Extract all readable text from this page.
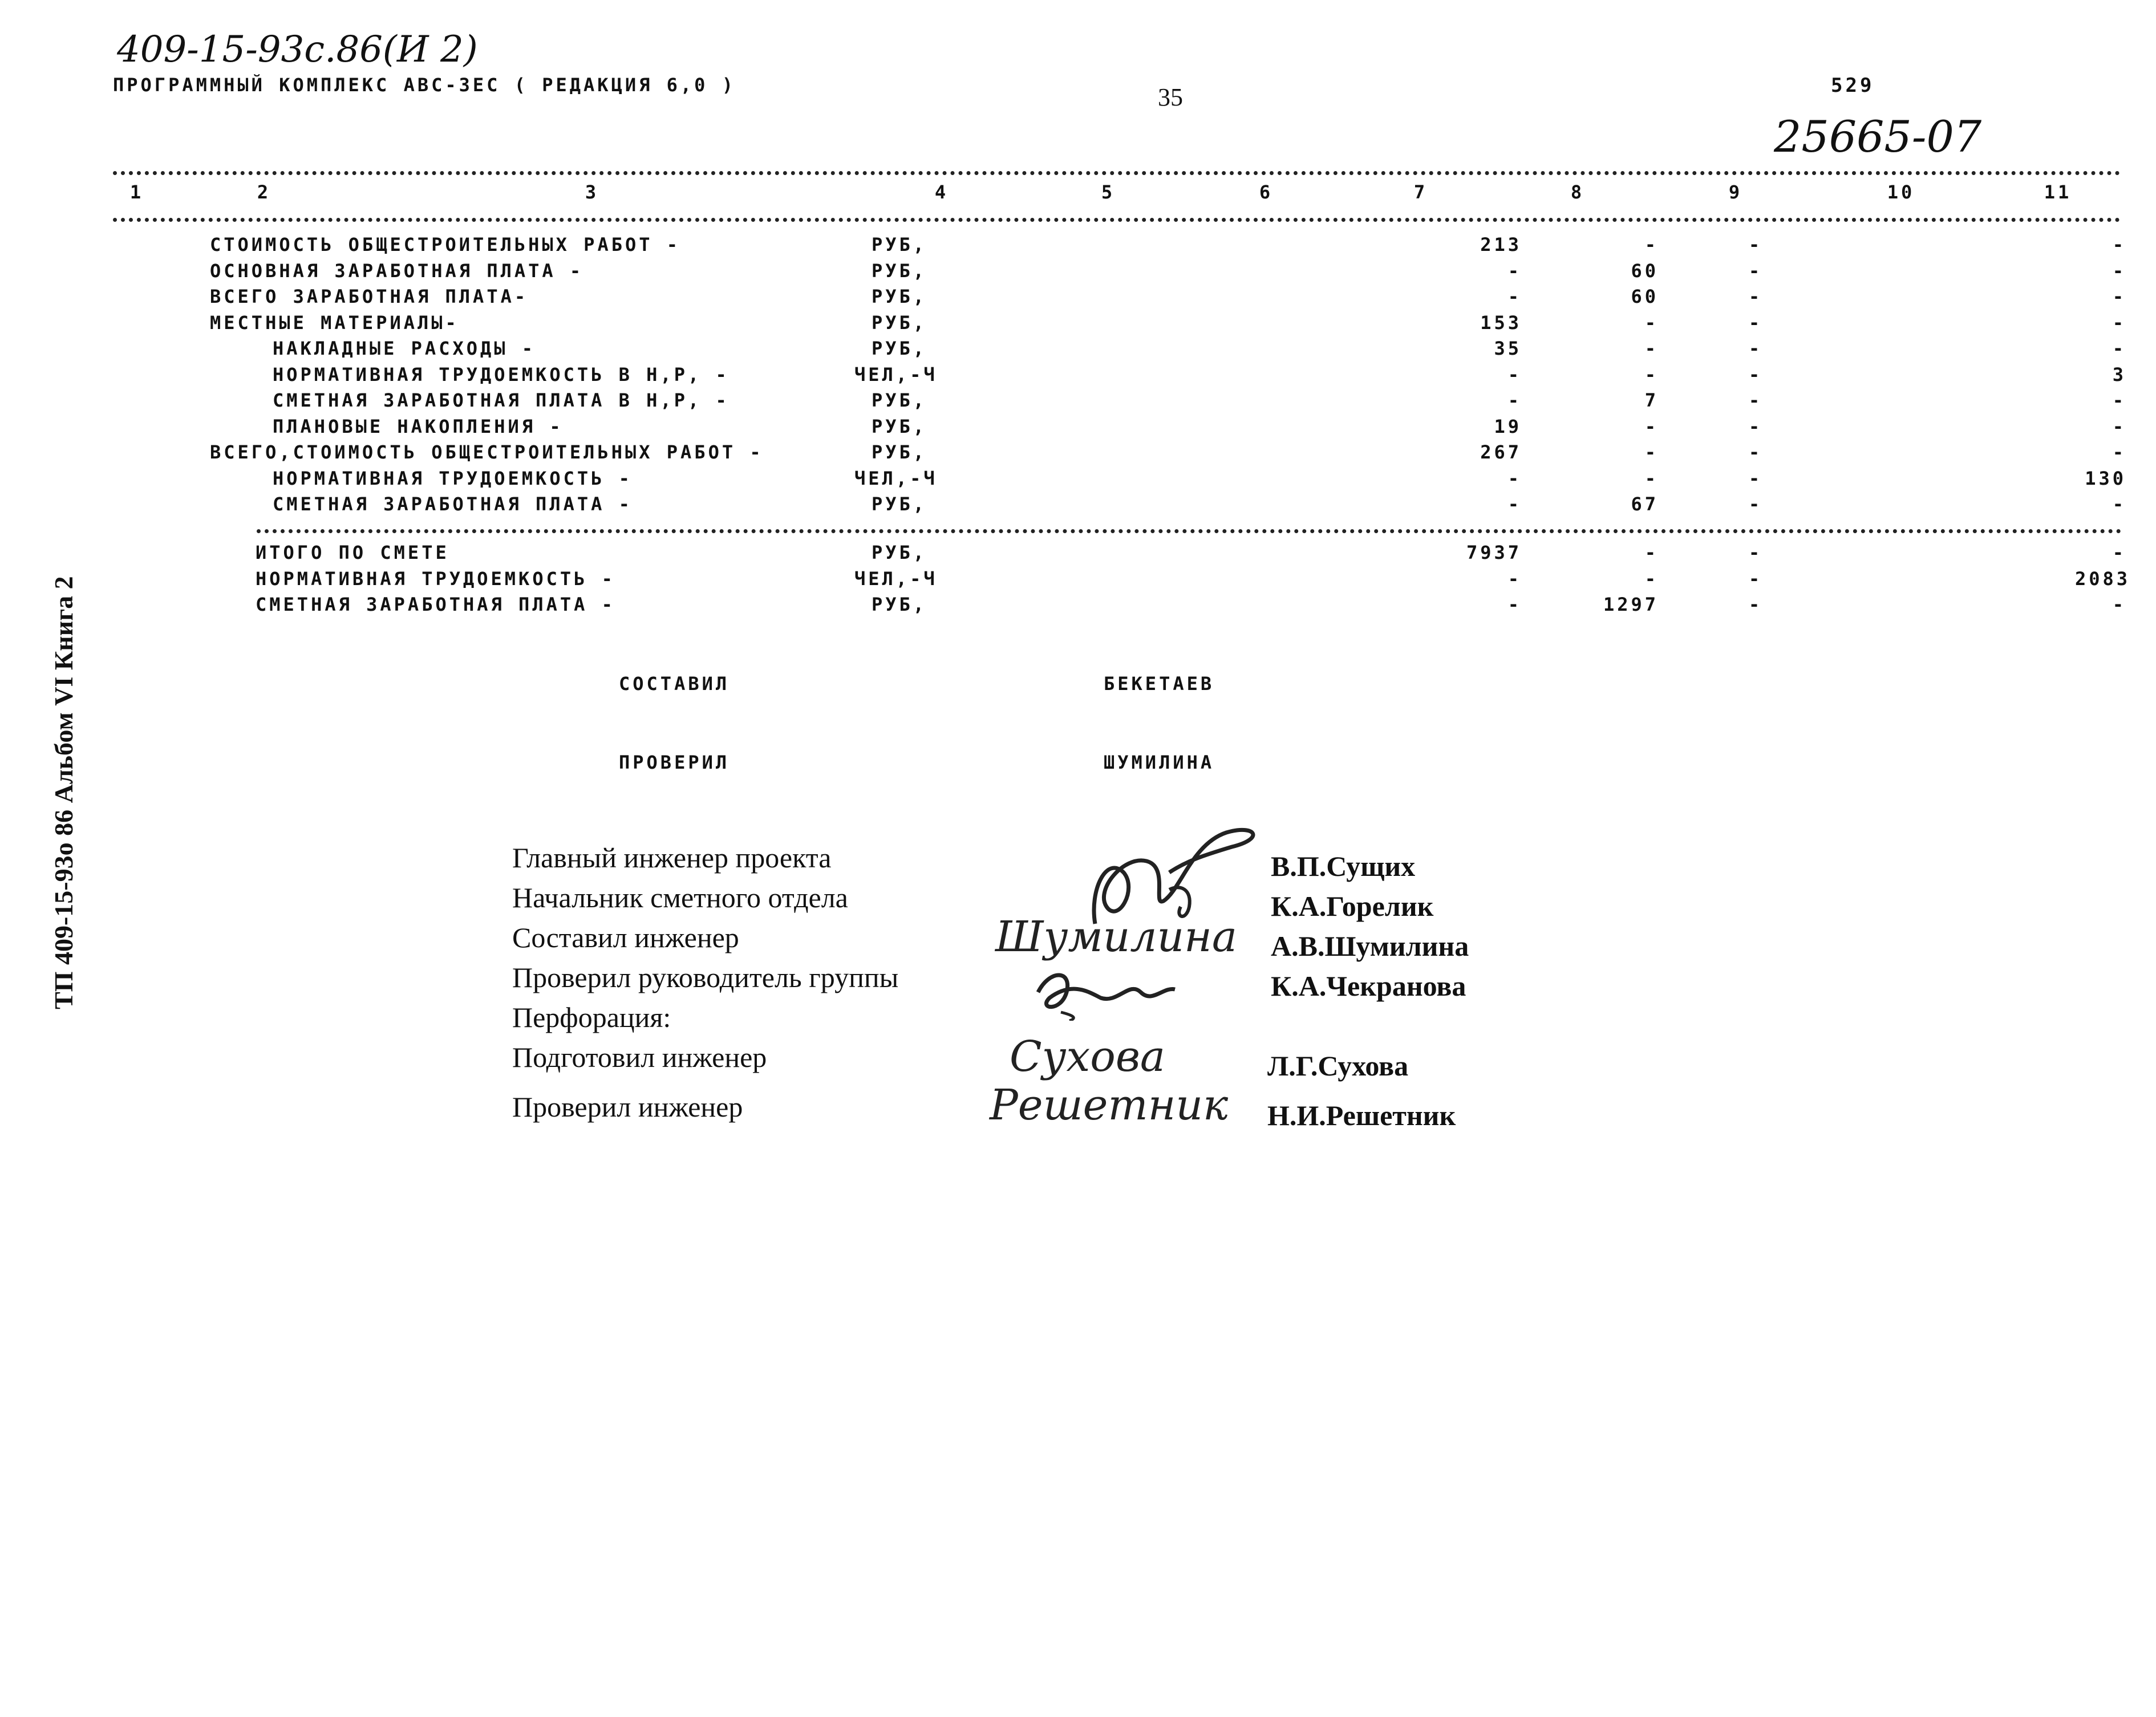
409-15-93с.86(И 2)
ПРОГРАММНЫЙ КОМПЛЕКС АВС-3ЕС ( РЕДАКЦИЯ 6,0 )	35	529
25665-07
ТП 409-15-93о 86 Альбом VI Книга 2
1	2	3	4	5	6	7	8	9	10	11
СТОИМОСТЬ ОБЩЕСТРОИТЕЛЬНЫХ РАБОТ -	РУБ,	213	-	-	-
ОСНОВНАЯ ЗАРАБОТНАЯ ПЛАТА -	РУБ,	-	60	-	-
ВСЕГО ЗАРАБОТНАЯ ПЛАТА-	РУБ,	-	60	-	-
МЕСТНЫЕ МАТЕРИАЛЫ-	РУБ,	153	-	-	-
НАКЛАДНЫЕ РАСХОДЫ -	РУБ,	35	-	-	-
НОРМАТИВНАЯ ТРУДОЕМКОСТЬ В Н,Р, -	ЧЕЛ,-Ч	-	-	-	3
СМЕТНАЯ ЗАРАБОТНАЯ ПЛАТА В Н,Р, -	РУБ,	-	7	-	-
ПЛАНОВЫЕ НАКОПЛЕНИЯ -	РУБ,	19	-	-	-
ВСЕГО,СТОИМОСТЬ ОБЩЕСТРОИТЕЛЬНЫХ РАБОТ -	РУБ,	267	-	-	-
НОРМАТИВНАЯ ТРУДОЕМКОСТЬ -	ЧЕЛ,-Ч	-	-	-	130
СМЕТНАЯ ЗАРАБОТНАЯ ПЛАТА -	РУБ,	-	67	-	-
ИТОГО ПО СМЕТЕ	РУБ,	7937	-	-	-
НОРМАТИВНАЯ ТРУДОЕМКОСТЬ -	ЧЕЛ,-Ч	-	-	-	2083
СМЕТНАЯ ЗАРАБОТНАЯ ПЛАТА -	РУБ,	-	1297	-	-
СОСТАВИЛ	БЕКЕТАЕВ
ПРОВЕРИЛ	ШУМИЛИНА
Главный инженер проекта	В.П.Сущих
Начальник сметного отдела	К.А.Горелик
Составил инженер	Шумилина А.В.Шумилина
Проверил руководитель группы	К.А.Чекранова
Перфорация:
Подготовил инженер	Сухова	Л.Г.Сухова
Проверил инженер	Решетник Н.И.Решетник
